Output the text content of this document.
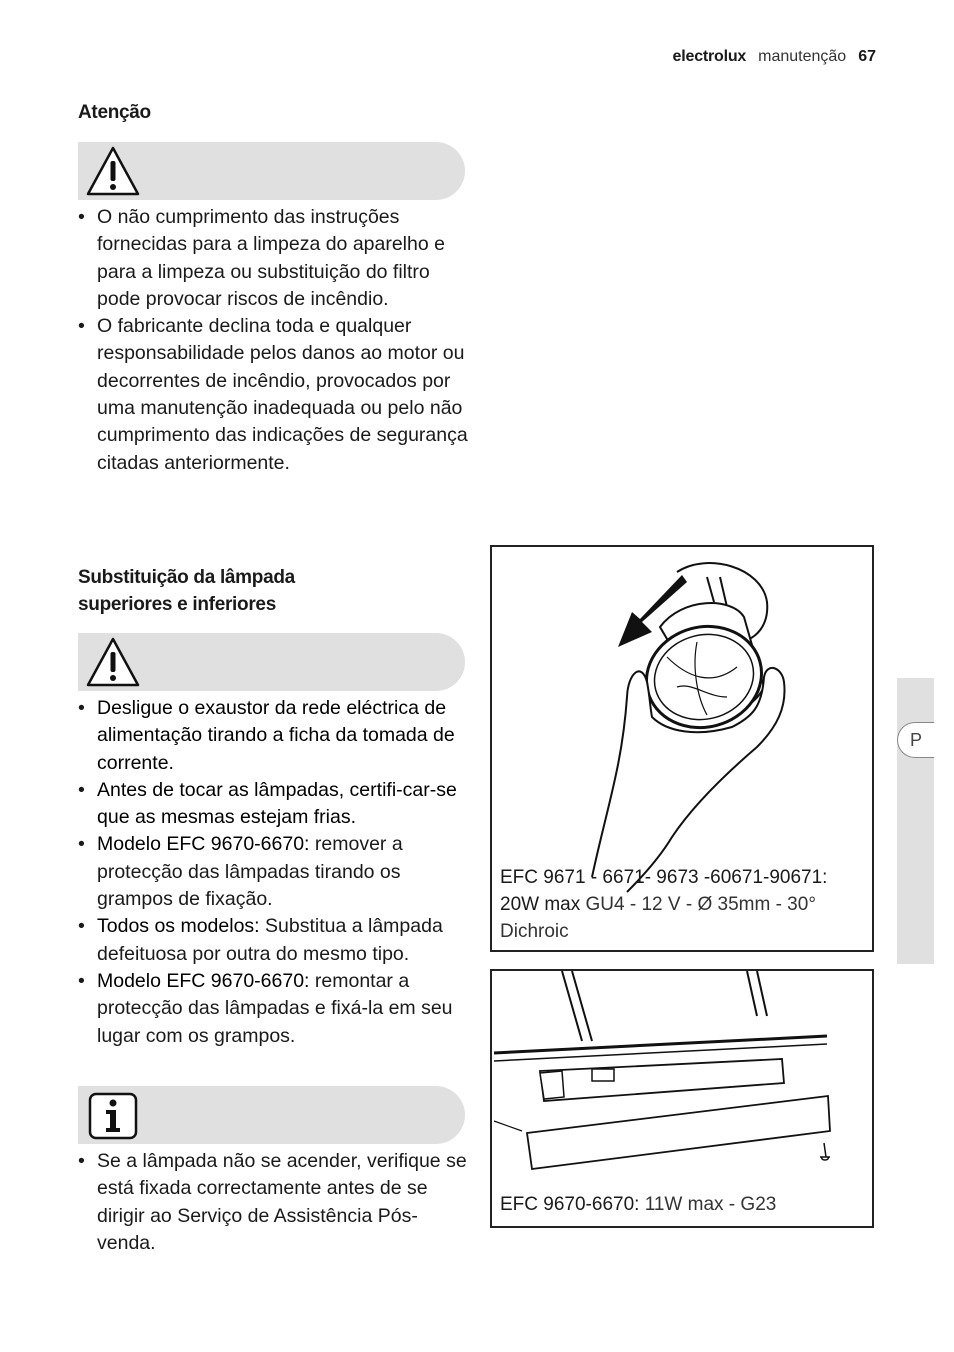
electrolux manutenção 67
Atenção
• O não cumprimento das instruções fornecidas para a limpeza do aparelho e para a limpeza ou substituição do filtro pode provocar riscos de incêndio.
• O fabricante declina toda e qualquer responsabilidade pelos danos ao motor ou decorrentes de incêndio, provocados por uma manutenção inadequada ou pelo não cumprimento das indicações de segurança citadas anteriormente.
Substituição da lâmpada
superiores e inferiores
• Desligue o exaustor da rede eléctrica de alimentação tirando a ficha da tomada de corrente.
• Antes de tocar as lâmpadas, certifi-car-se que as mesmas estejam frias.
• Modelo EFC 9670-6670: remover a protecção das lâmpadas tirando os grampos de fixação.
• Todos os modelos: Substitua a lâmpada defeituosa por outra do mesmo tipo.
• Modelo EFC 9670-6670: remontar a protecção das lâmpadas e fixá-la em seu lugar com os grampos.
• Se a lâmpada não se acender, verifique se está fixada correctamente antes de se dirigir ao Serviço de Assistência Pós-venda.
EFC 9671 - 6671- 9673 -60671-90671:
20W max GU4 - 12 V - Ø 35mm - 30°
Dichroic
EFC 9670-6670: 11W max - G23
P
